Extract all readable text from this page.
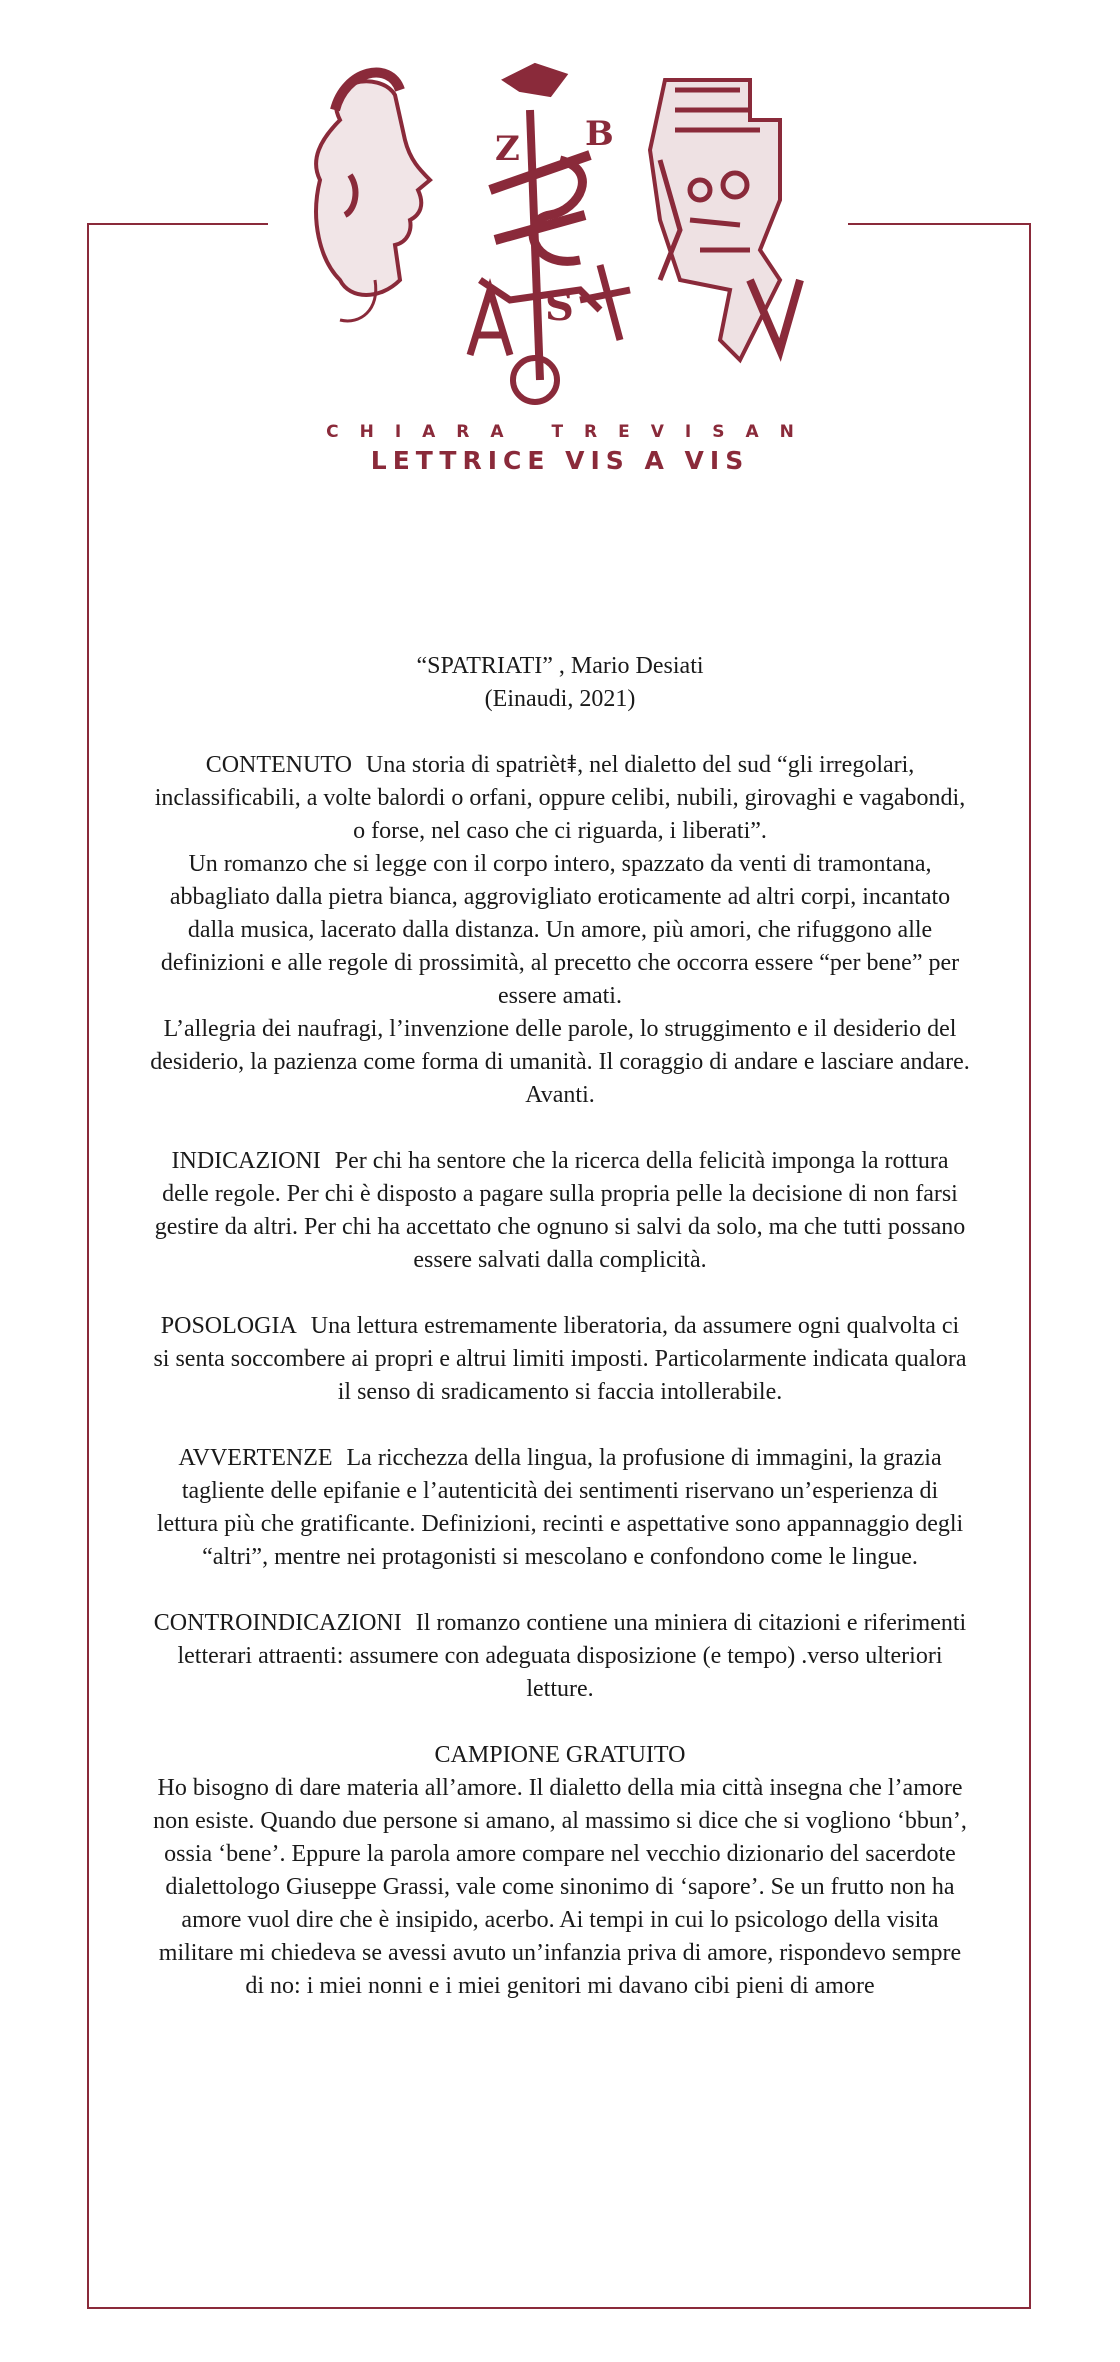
Z B
S
CHIARA TREVISAN
LETTRICE VIS A VIS

“SPATRIATI” , Mario Desiati

(Einaudi, 2021)

CONTENUTO Una storia di spatrièt⯒, nel dialetto del sud “gli irregolari, inclassificabili, a volte balordi o orfani, oppure celibi, nubili, girovaghi e vagabondi, o forse, nel caso che ci riguarda, i liberati”.

Un romanzo che si legge con il corpo intero, spazzato da venti di tramontana, abbagliato dalla pietra bianca, aggrovigliato eroticamente ad altri corpi, incantato dalla musica, lacerato dalla distanza. Un amore, più amori, che rifuggono alle definizioni e alle regole di prossimità, al precetto che occorra essere “per bene” per essere amati.

L’allegria dei naufragi, l’invenzione delle parole, lo struggimento e il desiderio del desiderio, la pazienza come forma di umanità. Il coraggio di andare e lasciare andare. Avanti.

INDICAZIONI Per chi ha sentore che la ricerca della felicità imponga la rottura delle regole. Per chi è disposto a pagare sulla propria pelle la decisione di non farsi gestire da altri. Per chi ha accettato che ognuno si salvi da solo, ma che tutti possano essere salvati dalla complicità.

POSOLOGIA Una lettura estremamente liberatoria, da assumere ogni qualvolta ci si senta soccombere ai propri e altrui limiti imposti. Particolarmente indicata qualora il senso di sradicamento si faccia intollerabile.

AVVERTENZE La ricchezza della lingua, la profusione di immagini, la grazia tagliente delle epifanie e l’autenticità dei sentimenti riservano un’esperienza di lettura più che gratificante. Definizioni, recinti e aspettative sono appannaggio degli “altri”, mentre nei protagonisti si mescolano e confondono come le lingue.

CONTROINDICAZIONI Il romanzo contiene una miniera di citazioni e riferimenti letterari attraenti: assumere con adeguata disposizione (e tempo) .verso ulteriori letture.

CAMPIONE GRATUITO

Ho bisogno di dare materia all’amore. Il dialetto della mia città insegna che l’amore non esiste. Quando due persone si amano, al massimo si dice che si vogliono ‘bbun’, ossia ‘bene’. Eppure la parola amore compare nel vecchio dizionario del sacerdote dialettologo Giuseppe Grassi, vale come sinonimo di ‘sapore’. Se un frutto non ha amore vuol dire che è insipido, acerbo. Ai tempi in cui lo psicologo della visita militare mi chiedeva se avessi avuto un’infanzia priva di amore, rispondevo sempre di no: i miei nonni e i miei genitori mi davano cibi pieni di amore
